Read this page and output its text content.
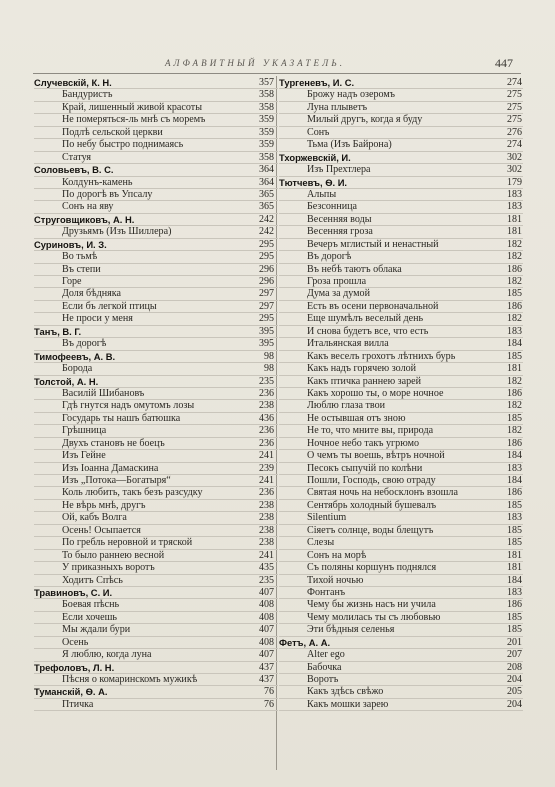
АЛФАВИТНЫЙ УКАЗАТЕЛЬ.	447
Случевскій, К. Н.	357
Бандуристъ	358
Край, лишенный живой красоты	358
Не померяться-ль мнѣ съ моремъ	359
Подлѣ сельской церкви	359
По небу быстро поднимаясь	359
Статуя	358
Соловьевъ, В. С.	364
Колдунъ-камень	364
По дорогѣ въ Упсалу	365
Сонъ на яву	365
Струговщиковъ, А. Н.	242
Друзьямъ (Изъ Шиллера)	242
Суриновъ, И. З.	295
Во тьмѣ	295
Въ степи	296
Горе	296
Доля бѣдняка	297
Если бъ легкой птицы	297
Не проси у меня	295
Танъ, В. Г.	395
Въ дорогѣ	395
Тимофеевъ, А. В.	98
Борода	98
Толстой, А. Н.	235
Василій Шибановъ	236
Гдѣ гнутся надъ омутомъ лозы	238
Государь ты нашъ батюшка	436
Грѣшница	236
Двухъ становъ не боецъ	236
Изъ Гейне	241
Изъ Іоанна Дамаскина	239
Изъ „Потока—Богатыря“	241
Коль любить, такъ безъ разсудку	236
Не вѣрь мнѣ, другъ	238
Ой, кабъ Волга	238
Осень! Осыпается	238
По гребль неровной и тряской	238
То было раннею весной	241
У приказныхъ воротъ	435
Ходитъ Спѣсь	235
Травиновъ, С. И.	407
Боевая пѣснь	408
Если хочешь	408
Мы ждали бури	407
Осень	408
Я люблю, когда луна	407
Трефоловъ, Л. Н.	437
Пѣсня о комаринскомъ мужикѣ	437
Туманскій, Ѳ. А.	76
Птичка	76
Тургеневъ, И. С.	274
Брожу надъ озеромъ	275
Луна плыветъ	275
Милый другъ, когда я буду	275
Сонъ	276
Тьма (Изъ Байрона)	274
Тхоржевскій, И.	302
Изъ Прехтлера	302
Тютчевъ, Ѳ. И.	179
Альпы	183
Безсонница	183
Весенняя воды	181
Весенняя гроза	181
Вечеръ мглистый и ненастный	182
Въ дорогѣ	182
Въ небѣ таютъ облака	186
Гроза прошла	182
Дума за думой	185
Есть въ осени первоначальной	186
Еще шумѣлъ веселый день	182
И снова будетъ все, что есть	183
Итальянская вилла	184
Какъ веселъ грохотъ лѣтнихъ бурь	185
Какъ надъ горячею золой	181
Какъ птичка раннею зарей	182
Какъ хорошо ты, о море ночное	186
Люблю глаза твои	182
Не остывшая отъ зною	185
Не то, что мните вы, природа	182
Ночное небо такъ угрюмо	186
О чемъ ты воешь, вѣтръ ночной	184
Песокъ сыпучій по колѣни	183
Пошли, Господь, свою отраду	184
Святая ночь на небосклонъ взошла	186
Сентябрь холодный бушевалъ	185
Silentium	183
Сіяетъ солнце, воды блещутъ	185
Слезы	185
Сонъ на морѣ	181
Съ поляны коршунъ поднялся	181
Тихой ночью	184
Фонтанъ	183
Чему бы жизнь насъ ни учила	186
Чему молилась ты съ любовью	185
Эти бѣдныя селенья	185
Фетъ, А. А.	201
Alter ego	207
Бабочка	208
Воротъ	204
Какъ здѣсь свѣжо	205
Какъ мошки зарею	204
